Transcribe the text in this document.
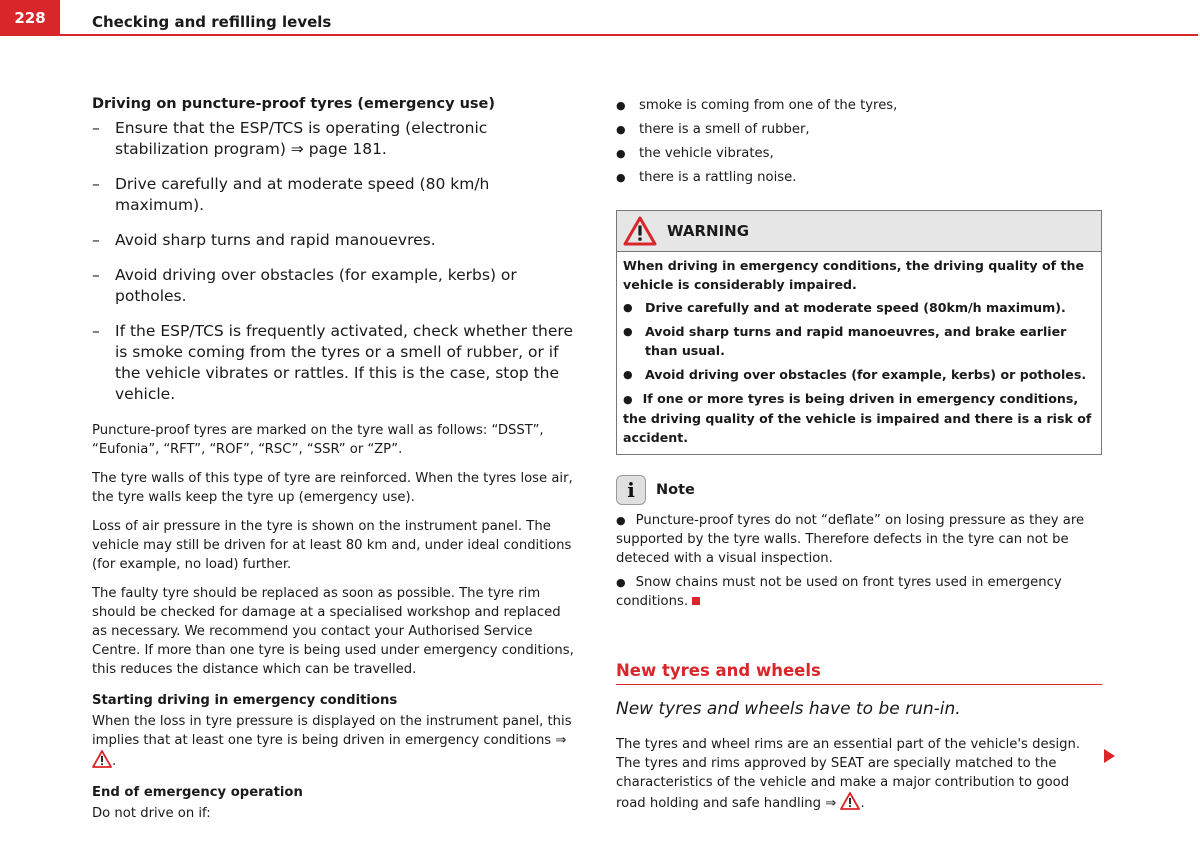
228	Checking and refilling levels
Driving on puncture-proof tyres (emergency use)
– Ensure that the ESP/TCS is operating (electronic stabilization program) ⇒ page 181.
– Drive carefully and at moderate speed (80 km/h maximum).
– Avoid sharp turns and rapid manouevres.
– Avoid driving over obstacles (for example, kerbs) or potholes.
– If the ESP/TCS is frequently activated, check whether there is smoke coming from the tyres or a smell of rubber, or if the vehicle vibrates or rattles. If this is the case, stop the vehicle.

Puncture-proof tyres are marked on the tyre wall as follows: “DSST”, “Eufonia”, “RFT”, “ROF”, “RSC”, “SSR” or “ZP”.

The tyre walls of this type of tyre are reinforced. When the tyres lose air, the tyre walls keep the tyre up (emergency use).

Loss of air pressure in the tyre is shown on the instrument panel. The vehicle may still be driven for at least 80 km and, under ideal conditions (for example, no load) further.

The faulty tyre should be replaced as soon as possible. The tyre rim should be checked for damage at a specialised workshop and replaced as necessary. We recommend you contact your Authorised Service Centre. If more than one tyre is being used under emergency conditions, this reduces the distance which can be travelled.

Starting driving in emergency conditions

When the loss in tyre pressure is displayed on the instrument panel, this implies that at least one tyre is being driven in emergency conditions ⇒ .

End of emergency operation

Do not drive on if:

● smoke is coming from one of the tyres,
● there is a smell of rubber,
● the vehicle vibrates,
● there is a rattling noise.
WARNING

When driving in emergency conditions, the driving quality of the vehicle is considerably impaired.

● Drive carefully and at moderate speed (80km/h maximum).
● Avoid sharp turns and rapid manoeuvres, and brake earlier than usual.
● Avoid driving over obstacles (for example, kerbs) or potholes.
● If one or more tyres is being driven in emergency conditions, the driving quality of the vehicle is impaired and there is a risk of accident.
i	Note
● Puncture-proof tyres do not “deflate” on losing pressure as they are supported by the tyre walls. Therefore defects in the tyre can not be deteced with a visual inspection.
● Snow chains must not be used on front tyres used in emergency conditions.
New tyres and wheels
New tyres and wheels have to be run-in.

The tyres and wheel rims are an essential part of the vehicle's design. The tyres and rims approved by SEAT are specially matched to the characteristics of the vehicle and make a major contribution to good road holding and safe handling ⇒ .
